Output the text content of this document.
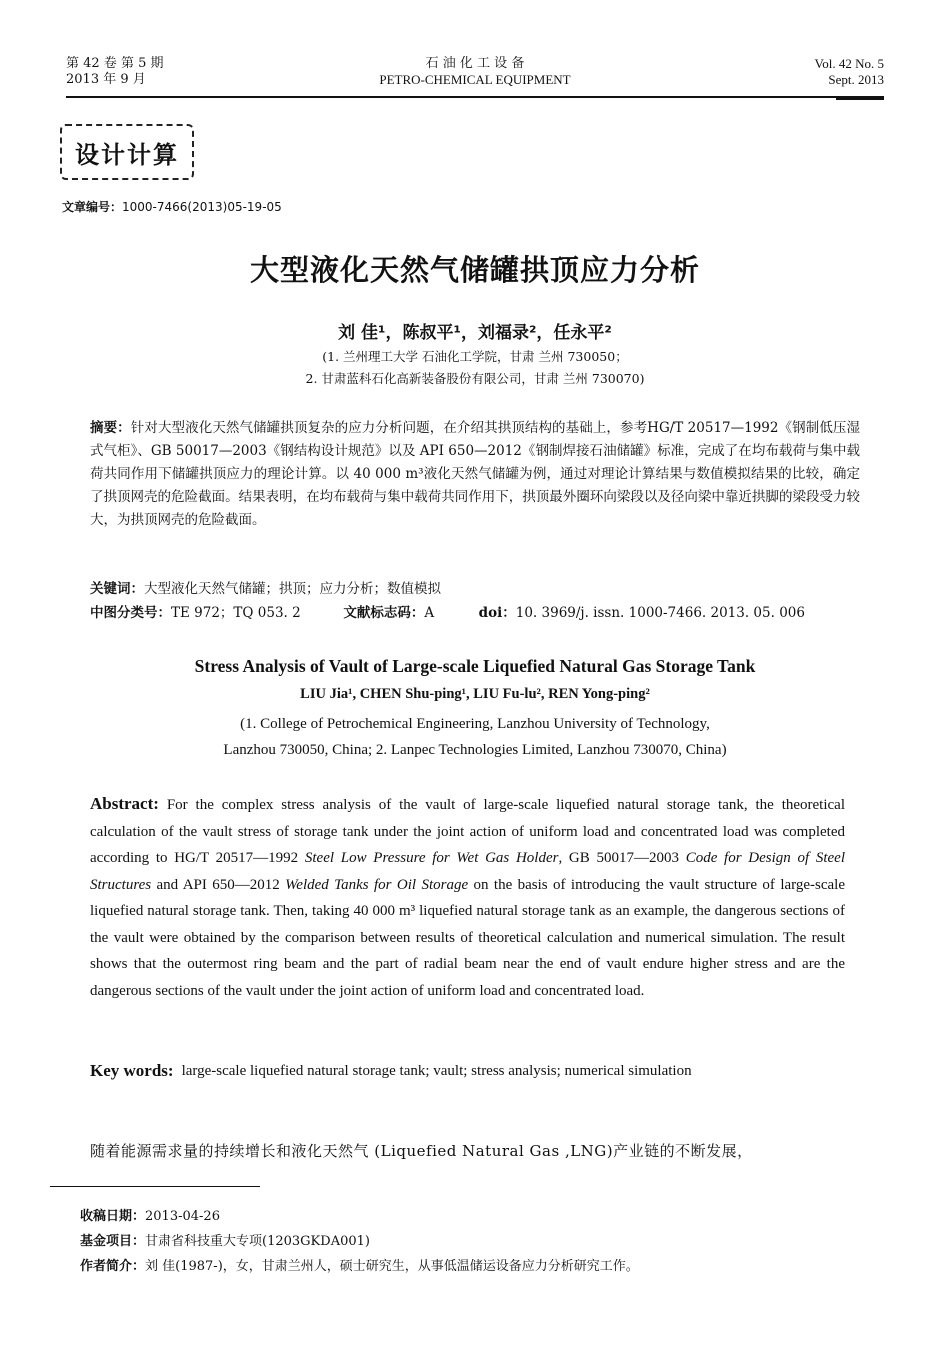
第 42 卷 第 5 期
2013 年 9 月
石 油 化 工 设 备
PETRO-CHEMICAL EQUIPMENT
Vol. 42 No. 5
Sept. 2013
设计计算
文章编号：1000-7466(2013)05-19-05
大型液化天然气储罐拱顶应力分析
刘 佳¹，陈叔平¹，刘福录²，任永平²
(1. 兰州理工大学 石油化工学院，甘肃 兰州 730050；
2. 甘肃蓝科石化高新装备股份有限公司，甘肃 兰州 730070)
摘要：针对大型液化天然气储罐拱顶复杂的应力分析问题，在介绍其拱顶结构的基础上，参考HG/T 20517—1992《钢制低压湿式气柜》、GB 50017—2003《钢结构设计规范》以及 API 650—2012《钢制焊接石油储罐》标准，完成了在均布载荷与集中载荷共同作用下储罐拱顶应力的理论计算。以 40 000 m³液化天然气储罐为例，通过对理论计算结果与数值模拟结果的比较，确定了拱顶网壳的危险截面。结果表明，在均布载荷与集中载荷共同作用下，拱顶最外圈环向梁段以及径向梁中靠近拱脚的梁段受力较大，为拱顶网壳的危险截面。
关键词：大型液化天然气储罐；拱顶；应力分析；数值模拟
中图分类号：TE 972；TQ 053. 2	文献标志码：A	doi：10. 3969/j. issn. 1000-7466. 2013. 05. 006
Stress Analysis of Vault of Large-scale Liquefied Natural Gas Storage Tank
LIU Jia¹, CHEN Shu-ping¹, LIU Fu-lu², REN Yong-ping²
(1. College of Petrochemical Engineering, Lanzhou University of Technology,
Lanzhou 730050, China; 2. Lanpec Technologies Limited, Lanzhou 730070, China)
Abstract: For the complex stress analysis of the vault of large-scale liquefied natural storage tank, the theoretical calculation of the vault stress of storage tank under the joint action of uniform load and concentrated load was completed according to HG/T 20517—1992 Steel Low Pressure for Wet Gas Holder, GB 50017—2003 Code for Design of Steel Structures and API 650—2012 Welded Tanks for Oil Storage on the basis of introducing the vault structure of large-scale liquefied natural storage tank. Then, taking 40 000 m³ liquefied natural storage tank as an example, the dangerous sections of the vault were obtained by the comparison between results of theoretical calculation and numerical simulation. The result shows that the outermost ring beam and the part of radial beam near the end of vault endure higher stress and are the dangerous sections of the vault under the joint action of uniform load and concentrated load.
Key words: large-scale liquefied natural storage tank; vault; stress analysis; numerical simulation
随着能源需求量的持续增长和液化天然气 (Liquefied Natural Gas ,LNG)产业链的不断发展，
收稿日期：2013-04-26
基金项目：甘肃省科技重大专项(1203GKDA001)
作者简介：刘 佳(1987-)，女，甘肃兰州人，硕士研究生，从事低温储运设备应力分析研究工作。
